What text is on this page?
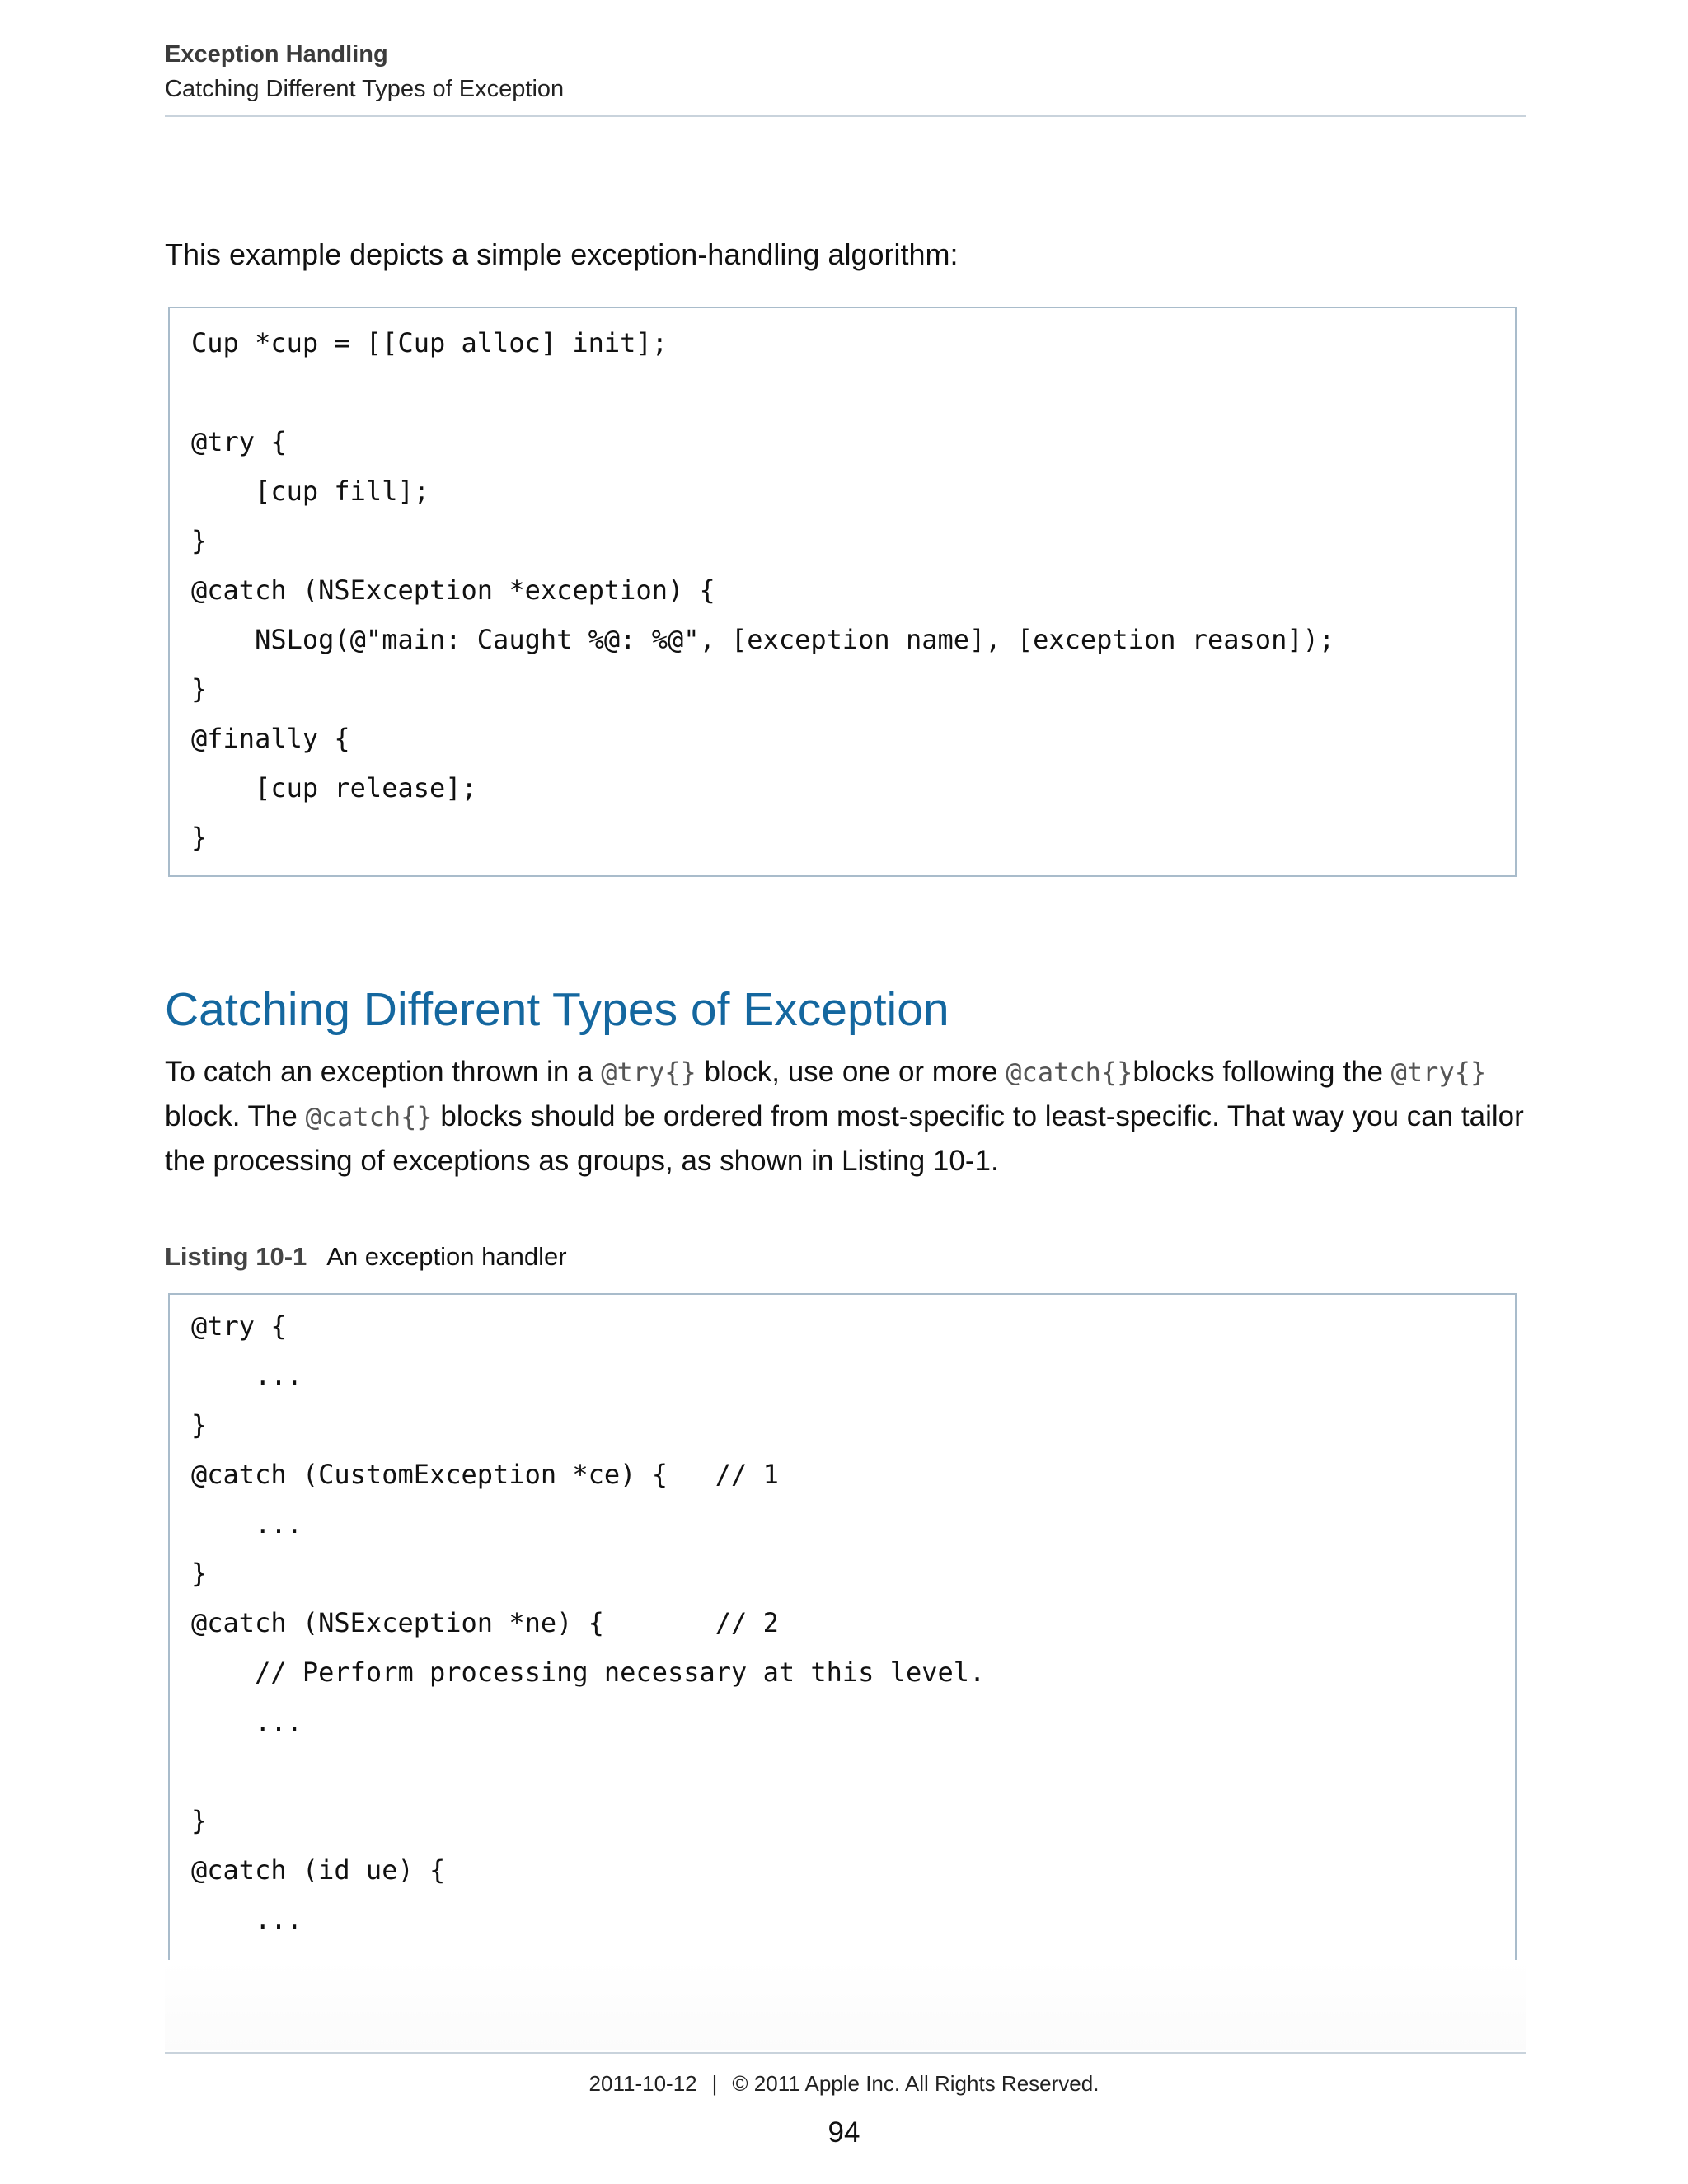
Exception Handling
Catching Different Types of Exception
This example depicts a simple exception-handling algorithm:
Cup *cup = [[Cup alloc] init];
@try {
[cup fill];
}
@catch (NSException *exception) {
NSLog(@"main: Caught %@: %@", [exception name], [exception reason]);
}
@finally {
[cup release];
}
Catching Different Types of Exception
To catch an exception thrown in a @try{} block, use one or more @catch{}blocks following the @try{}
block. The @catch{} blocks should be ordered from most-specific to least-specific. That way you can tailor
the processing of exceptions as groups, as shown in Listing 10-1.
Listing 10-1 An exception handler
@try {
...
}
@catch (CustomException *ce) {   // 1
...
}
@catch (NSException *ne) {       // 2
// Perform processing necessary at this level.
...
}
@catch (id ue) {
...
2011-10-12 | © 2011 Apple Inc. All Rights Reserved.
94
